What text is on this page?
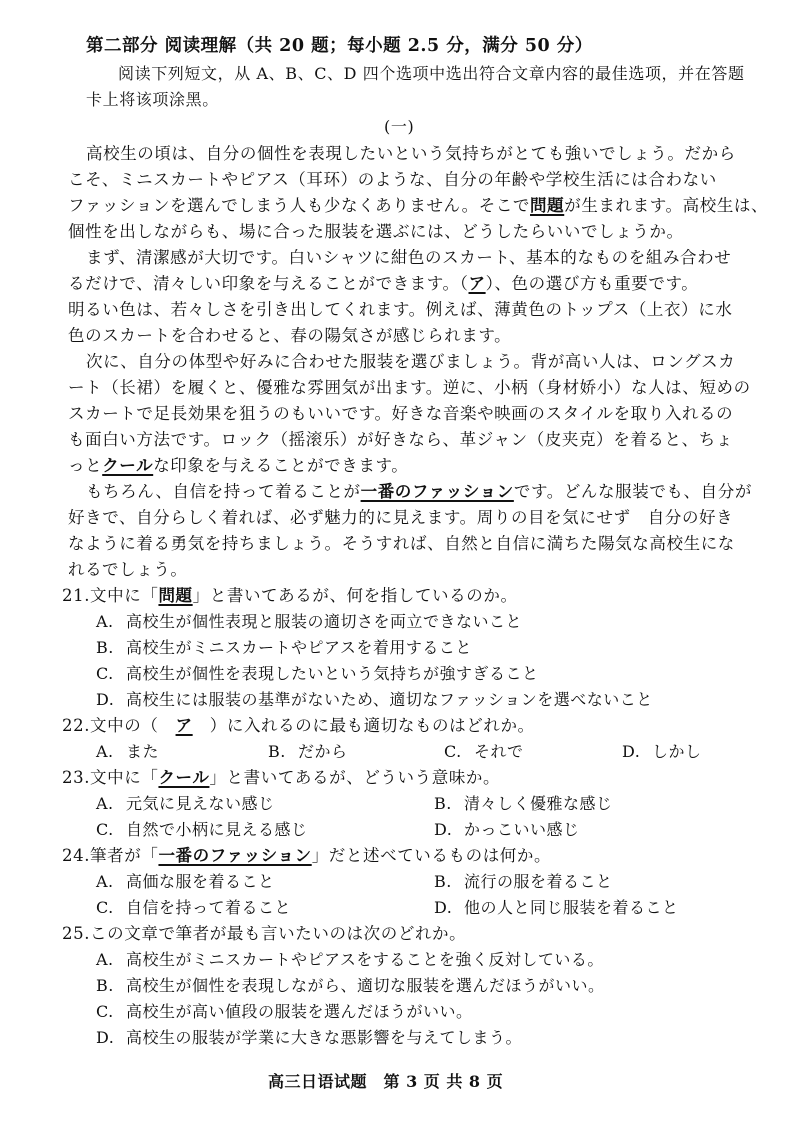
第二部分 阅读理解（共 20 题；每小题 2.5 分，满分 50 分）
阅读下列短文，从 A、B、C、D 四个选项中选出符合文章内容的最佳选项，并在答题
卡上将该项涂黑。
(一)
高校生の頃は、自分の個性を表現したいという気持ちがとても強いでしょう。だから
こそ、ミニスカートやピアス（耳环）のような、自分の年齢や学校生活には合わない
ファッションを選んでしまう人も少なくありません。そこで問題が生まれます。高校生は、
個性を出しながらも、場に合った服装を選ぶには、どうしたらいいでしょうか。
まず、清潔感が大切です。白いシャツに紺色のスカート、基本的なものを組み合わせ
るだけで、清々しい印象を与えることができます。（ア）、色の選び方も重要です。
明るい色は、若々しさを引き出してくれます。例えば、薄黄色のトップス（上衣）に水
色のスカートを合わせると、春の陽気さが感じられます。
次に、自分の体型や好みに合わせた服装を選びましょう。背が高い人は、ロングスカ
ート（长裙）を履くと、優雅な雰囲気が出ます。逆に、小柄（身材娇小）な人は、短めの
スカートで足長効果を狙うのもいいです。好きな音楽や映画のスタイルを取り入れるの
も面白い方法です。ロック（摇滚乐）が好きなら、革ジャン（皮夹克）を着ると、ちょ
っとクールな印象を与えることができます。
もちろん、自信を持って着ることが一番のファッションです。どんな服装でも、自分が
好きで、自分らしく着れば、必ず魅力的に見えます。周りの目を気にせず　自分の好き
なように着る勇気を持ちましょう。そうすれば、自然と自信に満ちた陽気な高校生にな
れるでしょう。
21.文中に「問題」と書いてあるが、何を指しているのか。
A. 高校生が個性表現と服装の適切さを両立できないこと
B. 高校生がミニスカートやピアスを着用すること
C. 高校生が個性を表現したいという気持ちが強すぎること
D. 高校生には服装の基準がないため、適切なファッションを選べないこと
22.文中の（　ア　）に入れるのに最も適切なものはどれか。
A. また	B. だから	C. それで	D. しかし
23.文中に「クール」と書いてあるが、どういう意味か。
A. 元気に見えない感じ	B. 清々しく優雅な感じ
C. 自然で小柄に見える感じ	D. かっこいい感じ
24.筆者が「一番のファッション」だと述べているものは何か。
A. 高価な服を着ること	B. 流行の服を着ること
C. 自信を持って着ること	D. 他の人と同じ服装を着ること
25.この文章で筆者が最も言いたいのは次のどれか。
A. 高校生がミニスカートやピアスをすることを強く反対している。
B. 高校生が個性を表現しながら、適切な服装を選んだほうがいい。
C. 高校生が高い値段の服装を選んだほうがいい。
D. 高校生の服装が学業に大きな悪影響を与えてしまう。
高三日语试题　第 3 页 共 8 页
